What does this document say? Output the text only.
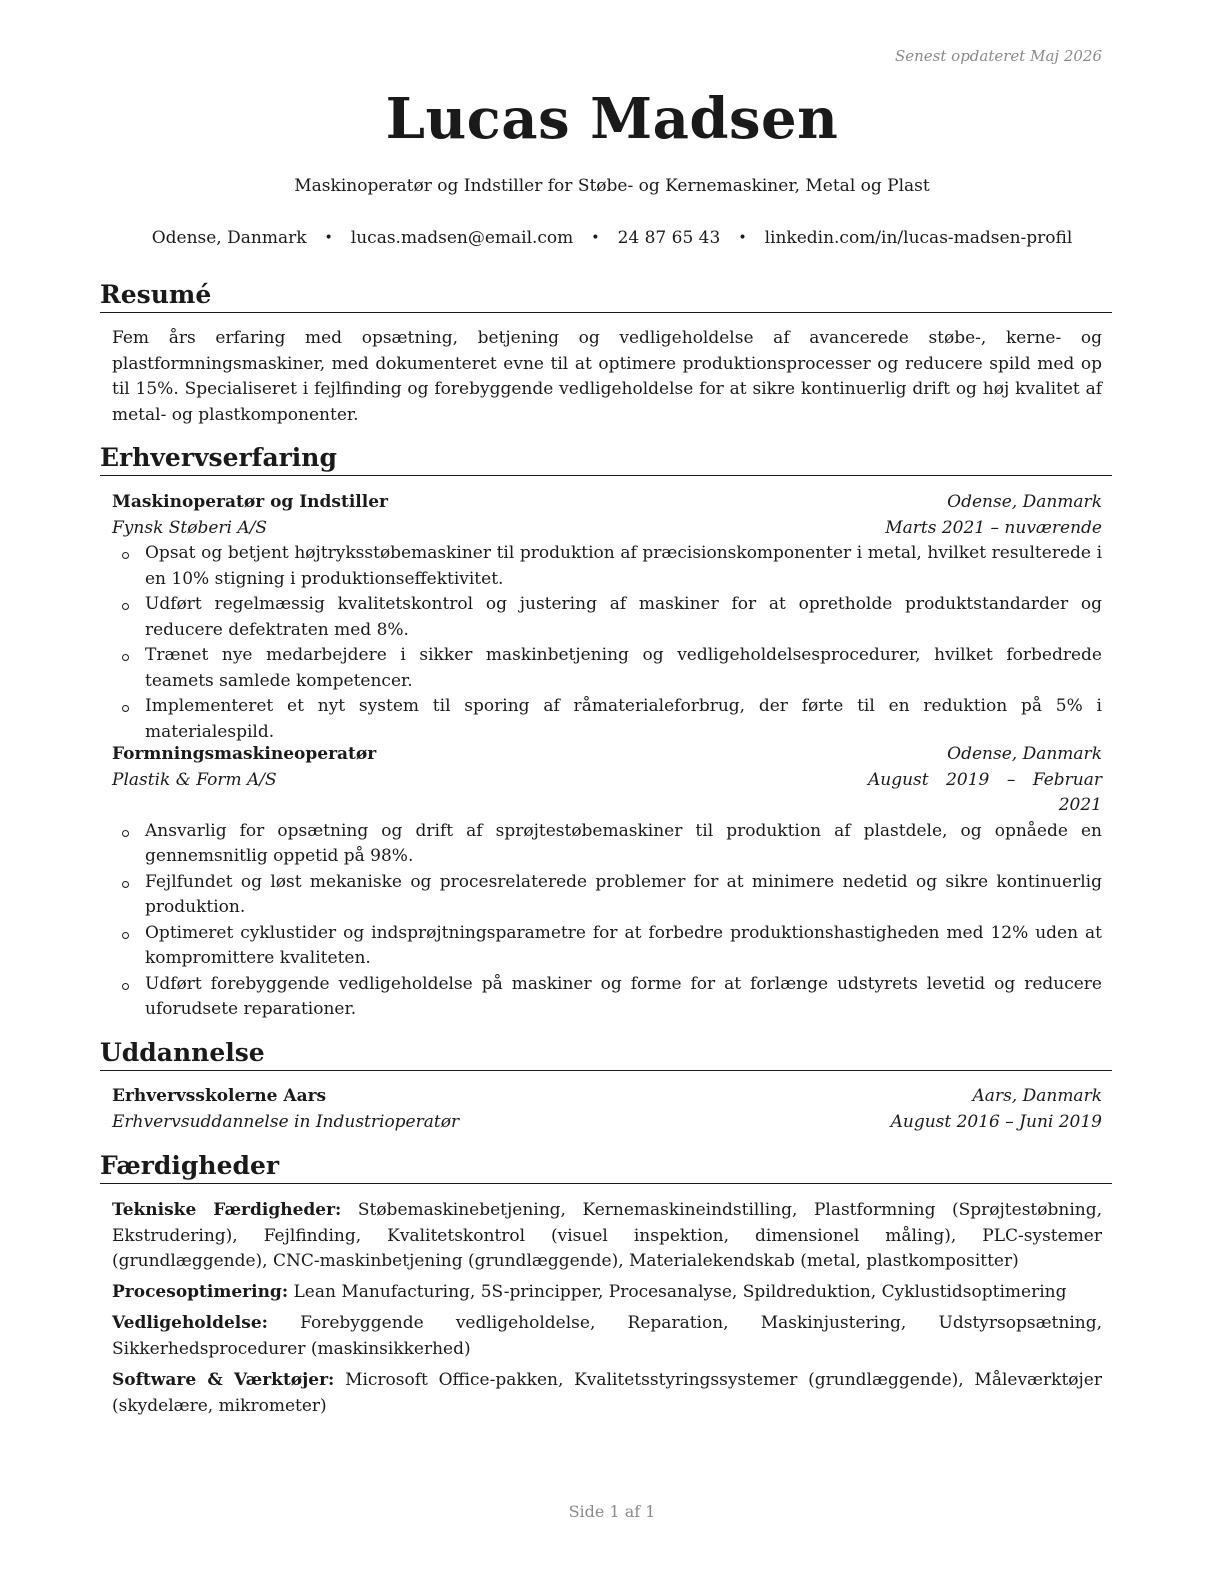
Senest opdateret Maj 2026
Lucas Madsen
Maskinoperatør og Indstiller for Støbe- og Kernemaskiner, Metal og Plast
Odense, Danmark • lucas.madsen@email.com • 24 87 65 43 • linkedin.com/in/lucas-madsen-profil
Resumé
Fem års erfaring med opsætning, betjening og vedligeholdelse af avancerede støbe-, kerne- og plastformningsmaskiner, med dokumenteret evne til at optimere produktionsprocesser og reducere spild med op til 15%. Specialiseret i fejlfinding og forebyggende vedligeholdelse for at sikre kontinuerlig drift og høj kvalitet af metal- og plastkomponenter.
Erhvervserfaring
Maskinoperatør og Indstiller	Odense, Danmark
Fynsk Støberi A/S	Marts 2021 – nuværende
Opsat og betjent højtryksstøbemaskiner til produktion af præcisionskomponenter i metal, hvilket resulterede i en 10% stigning i produktionseffektivitet.
Udført regelmæssig kvalitetskontrol og justering af maskiner for at opretholde produktstandarder og reducere defektraten med 8%.
Trænet nye medarbejdere i sikker maskinbetjening og vedligeholdelsesprocedurer, hvilket forbedrede teamets samlede kompetencer.
Implementeret et nyt system til sporing af råmaterialeforbrug, der førte til en reduktion på 5% i materialespild.
Formningsmaskineoperatør	Odense, Danmark
Plastik & Form A/S	August 2019 – Februar 2021
Ansvarlig for opsætning og drift af sprøjtestøbemaskiner til produktion af plastdele, og opnåede en gennemsnitlig oppetid på 98%.
Fejlfundet og løst mekaniske og procesrelaterede problemer for at minimere nedetid og sikre kontinuerlig produktion.
Optimeret cyklustider og indsprøjtningsparametre for at forbedre produktionshastigheden med 12% uden at kompromittere kvaliteten.
Udført forebyggende vedligeholdelse på maskiner og forme for at forlænge udstyrets levetid og reducere uforudsete reparationer.
Uddannelse
Erhvervsskolerne Aars	Aars, Danmark
Erhvervsuddannelse in Industrioperatør	August 2016 – Juni 2019
Færdigheder
Tekniske Færdigheder: Støbemaskinebetjening, Kernemaskineindstilling, Plastformning (Sprøjtestøbning, Ekstrudering), Fejlfinding, Kvalitetskontrol (visuel inspektion, dimensionel måling), PLC-systemer (grundlæggende), CNC-maskinbetjening (grundlæggende), Materialekendskab (metal, plastkompositter)
Procesoptimering: Lean Manufacturing, 5S-principper, Procesanalyse, Spildreduktion, Cyklustidsoptimering
Vedligeholdelse: Forebyggende vedligeholdelse, Reparation, Maskinjustering, Udstyrsopsætning, Sikkerhedsprocedurer (maskinsikkerhed)
Software & Værktøjer: Microsoft Office-pakken, Kvalitetsstyringssystemer (grundlæggende), Måleværktøjer (skydelære, mikrometer)
Side 1 af 1
